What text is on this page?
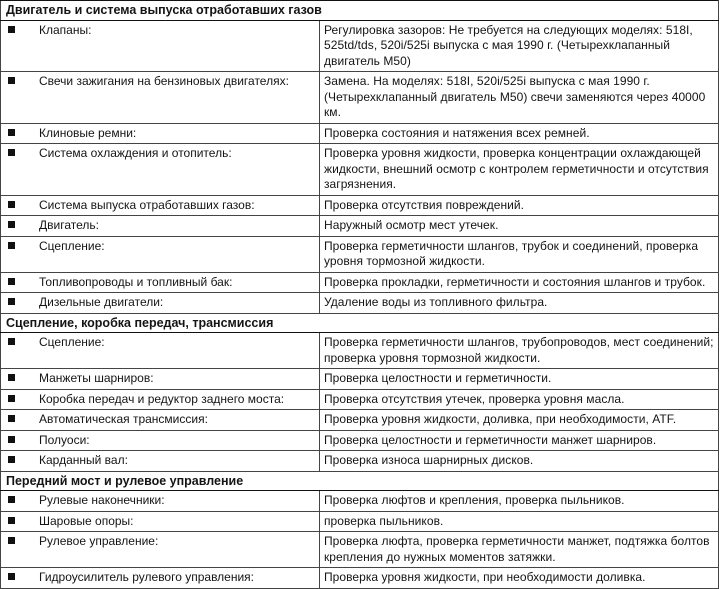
Двигатель и система выпуска отработавших газов	
Клапаны:	Регулировка зазоров: Не требуется на следующих моделях: 518I, 525td/tds, 520i/525i выпуска с мая 1990 г. (Четырехклапанный двигатель М50)
Свечи зажигания на бензиновых двигателях:	Замена. На моделях: 518I, 520i/525i выпуска с мая 1990 г. (Четырехклапанный двигатель М50) свечи заменяются через 40000 км.
Клиновые ремни:	Проверка состояния и натяжения всех ремней.
Система охлаждения и отопитель:	Проверка уровня жидкости, проверка концентрации охлаждающей жидкости, внешний осмотр с контролем герметичности и отсутствия загрязнения.
Система выпуска отработавших газов:	Проверка отсутствия повреждений.
Двигатель:	Наружный осмотр мест утечек.
Сцепление:	Проверка герметичности шлангов, трубок и соединений, проверка уровня тормозной жидкости.
Топливопроводы и топливный бак:	Проверка прокладки, герметичности и состояния шлангов и трубок.
Дизельные двигатели:	Удаление воды из топливного фильтра.
Сцепление, коробка передач, трансмиссия	
Сцепление:	Проверка герметичности шлангов, трубопроводов, мест соединений; проверка уровня тормозной жидкости.
Манжеты шарниров:	Проверка целостности и герметичности.
Коробка передач и редуктор заднего моста:	Проверка отсутствия утечек, проверка уровня масла.
Автоматическая трансмиссия:	Проверка уровня жидкости, доливка, при необходимости, ATF.
Полуоси:	Проверка целостности и герметичности манжет шарниров.
Карданный вал:	Проверка износа шарнирных дисков.
Передний мост и рулевое управление	
Рулевые наконечники:	Проверка люфтов и крепления, проверка пыльников.
Шаровые опоры:	проверка пыльников.
Рулевое управление:	Проверка люфта, проверка герметичности манжет, подтяжка болтов крепления до нужных моментов затяжки.
Гидроусилитель рулевого управления:	Проверка уровня жидкости, при необходимости доливка.
